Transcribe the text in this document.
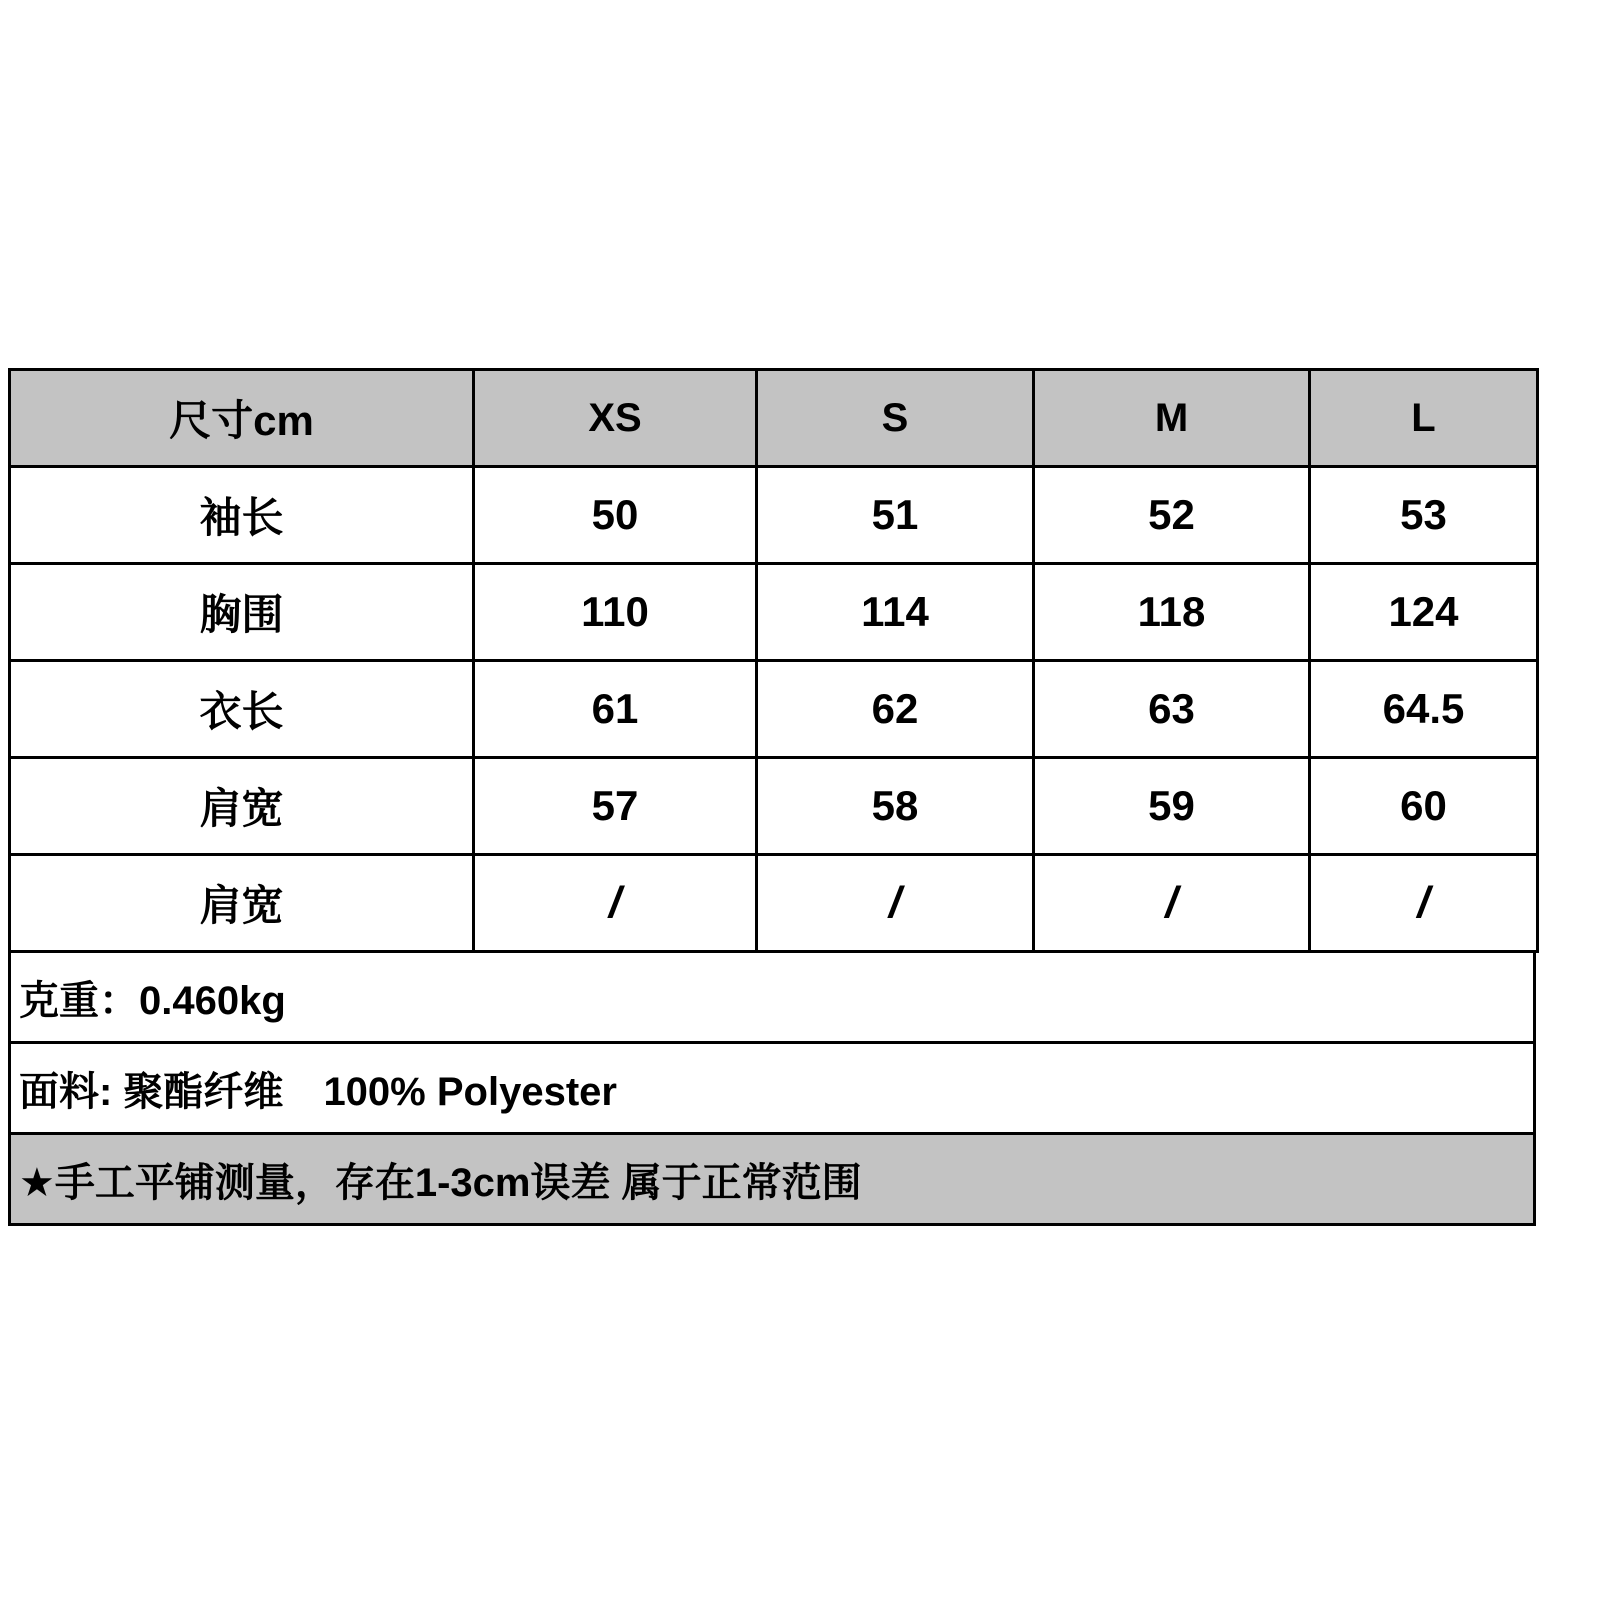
尺寸cm	XS	S	M	L
袖长	50	51	52	53
胸围	110	114	118	124
衣长	61	62	63	64.5
肩宽	57	58	59	60
肩宽	/	/	/	/
克重：0.460kg
面料: 聚酯纤维 100% Polyester
★手工平铺测量，存在1-3cm误差 属于正常范围
